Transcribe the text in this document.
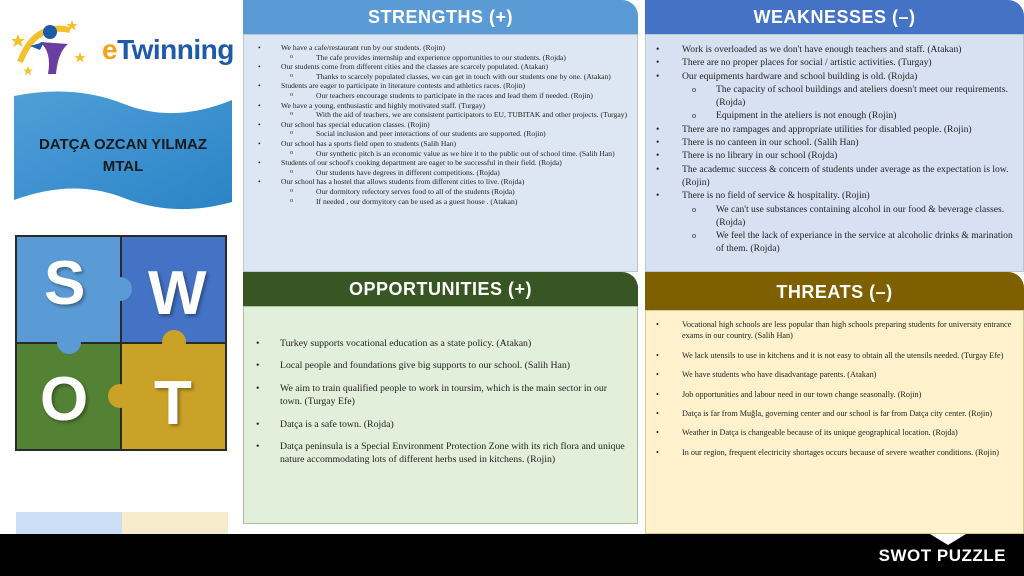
eTwinning
DATÇA OZCAN YILMAZ
MTAL
S W
O T
STRENGTHS (+)
• We have a cafe/restaurant run by our students. (Rojin)
o The cafe provides internship and experience opportunities to our students. (Rojda)
• Our students come from different cities and the classes are scarcely populated. (Atakan)
o Thanks to scarcely populated classes, we can get in touch with our students one by one. (Atakan)
• Students are eager to participate in literature contests and athletics races. (Rojin)
o Our teachers encourage students to participate in the races and lead them if needed. (Rojin)
• We have a young, enthusiastic and highly motivated staff. (Turgay)
o With the aid of teachers, we are consistent participators to EU, TUBITAK and other projects. (Turgay)
• Our school has special education classes. (Rojin)
o Social inclusion and peer interactions of our students are supported. (Rojin)
• Our school has a sports field open to students (Salih Han)
o Our synthetic pitch is an economic value as we hire it to the public out of school time. (Salih Han)
• Students of our school's cooking department are eager to be successful in their field. (Rojda)
o Our students have degrees in different competitions. (Rojda)
• Our school has a hostel that allows students from different cities to live. (Rojda)
o Our dormitory refectory serves food to all of the students (Rojda)
o If needed , our dormyitory can be used as a guest house . (Atakan)
WEAKNESSES (–)
• Work is overloaded as we don't have enough teachers and staff. (Atakan)
• There are no proper places for social / artistic activities. (Turgay)
• Our equipments hardware and school building is old. (Rojda)
o The capacity of school buildings and ateliers doesn't meet our requirements. (Rojda)
o Equipment in the ateliers is not enough (Rojin)
• There are no rampages and appropriate utilities for disabled people. (Rojin)
• There is no canteen in our school. (Salih Han)
• There is no library in our school (Rojda)
• The academıc success & concern of students under average as the expectation is low. (Rojin)
• There is no field of service & hospitality. (Rojin)
o We can't use substances containing alcohol in our food & beverage classes. (Rojda)
o We feel the lack of experiance in the service at alcoholic drinks & marination of them. (Rojda)
OPPORTUNITIES (+)
• Turkey supports vocational education as a state policy. (Atakan)
• Local people and foundations give big supports to our school. (Salih Han)
• We aim to train qualified people to work in toursim, which is the main sector in our town. (Turgay Efe)
• Datça is a safe town. (Rojda)
• Datça peninsula is a Special Environment Protection Zone with its rich flora and unique nature accommodating lots of different herbs used in kitchens. (Rojin)
THREATS (–)
• Vocational high schools are less popular than high schools preparing students for university entrance exams in our country. (Salih Han)
• We lack utensils to use in kitchens and it is not easy to obtain all the utensils needed. (Turgay Efe)
• We have students who have disadvantage parents. (Atakan)
• Job opportunities and labour need in our town change seasonally. (Rojin)
• Datça is far from Muğla, governing center and our school is far from Datça city center. (Rojin)
• Weather in Datça is changeable because of its unique geographical location. (Rojda)
• In our region, frequent electricity shortages occurs because of severe weather conditions. (Rojin)
SWOT PUZZLE
